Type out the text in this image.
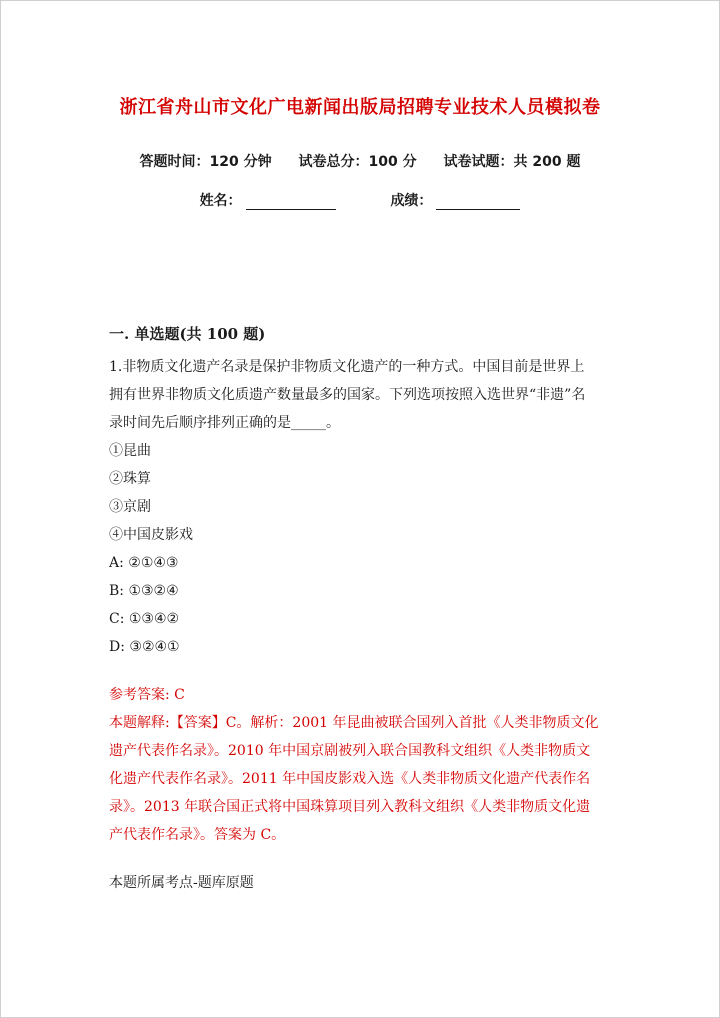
浙江省舟山市文化广电新闻出版局招聘专业技术人员模拟卷
答题时间：120 分钟 试卷总分：100 分 试卷试题：共 200 题
姓名：	成绩：
一. 单选题(共 100 题)

1.非物质文化遗产名录是保护非物质文化遗产的一种方式。中国目前是世界上

拥有世界非物质文化质遗产数量最多的国家。下列选项按照入选世界“非遗”名

录时间先后顺序排列正确的是_____。

①昆曲

②珠算

③京剧

④中国皮影戏

A: ②①④③

B: ①③②④

C: ①③④②

D: ③②④①

参考答案: C

本题解释:【答案】C。解析：2001 年昆曲被联合国列入首批《人类非物质文化

遗产代表作名录》。2010 年中国京剧被列入联合国教科文组织《人类非物质文

化遗产代表作名录》。2011 年中国皮影戏入选《人类非物质文化遗产代表作名

录》。2013 年联合国正式将中国珠算项目列入教科文组织《人类非物质文化遗

产代表作名录》。答案为 C。

本题所属考点-题库原题
